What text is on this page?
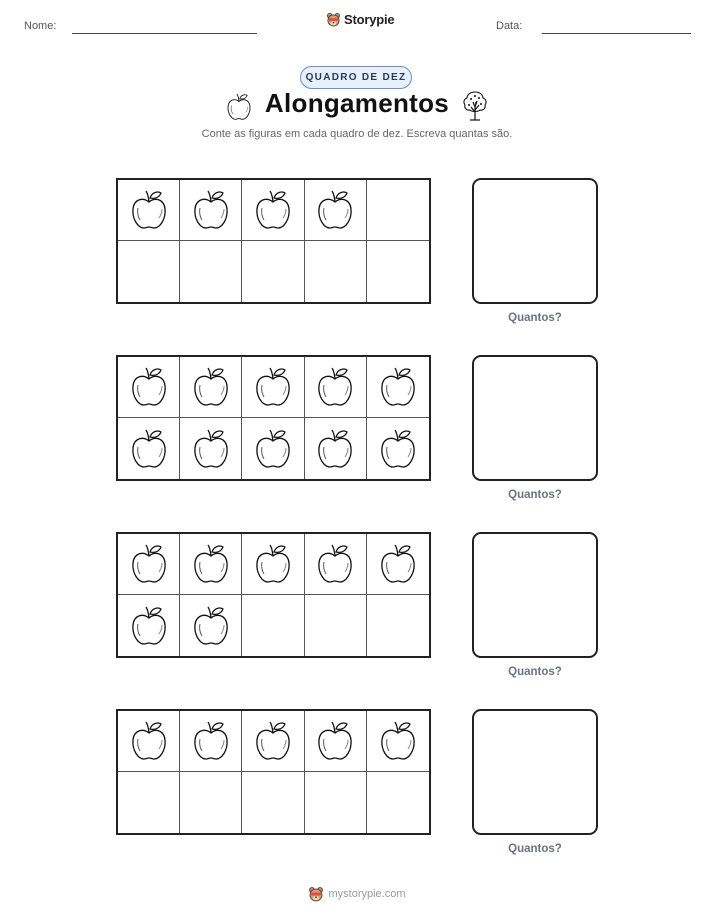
Nome:	Storypie	Data:
QUADRO DE DEZ
Alongamentos
Conte as figuras em cada quadro de dez. Escreva quantas são.
Quantos?
Quantos?
Quantos?
Quantos?
mystorypie.com
